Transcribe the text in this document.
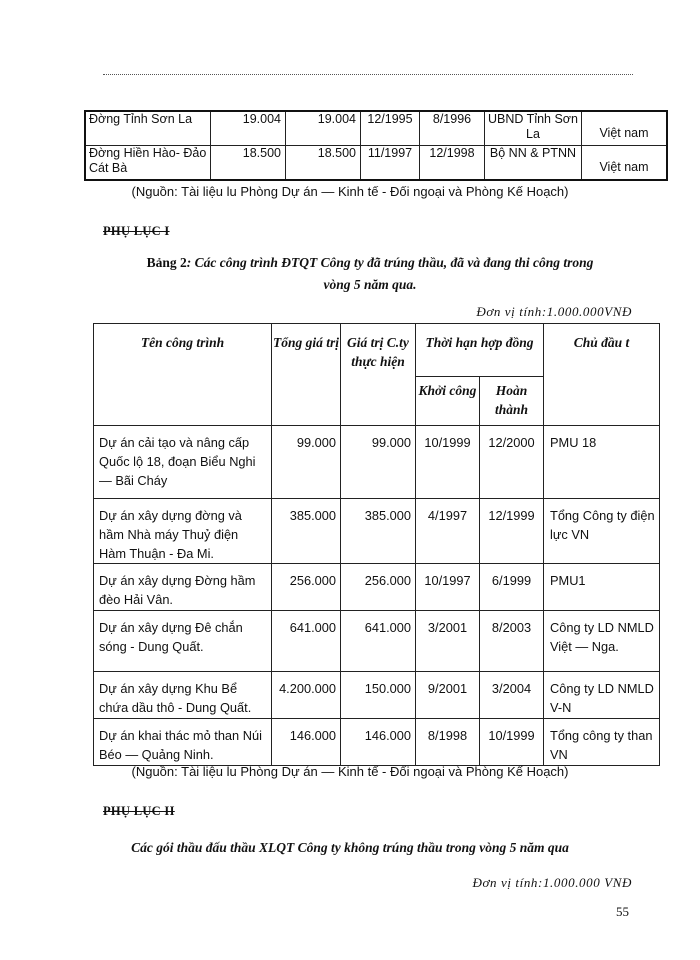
Đờng Tỉnh Sơn La	19.004	19.004	12/1995	8/1996	UBND Tỉnh Sơn La	Việt nam
Đờng Hiền Hào- Đảo Cát Bà	18.500	18.500	11/1997	12/1998	Bộ NN & PTNN	Việt nam
(Nguồn: Tài liệu lu Phòng Dự án — Kinh tế - Đối ngoại và Phòng Kế Hoạch)
PHỤ LỤC I
Bảng 2: Các công trình ĐTQT Công ty đã trúng thầu, đã và đang thi công trong
vòng 5 năm qua.
Đơn vị tính:1.000.000VNĐ
Tên công trình	Tổng giá trị	Giá trị C.ty thực hiện	Thời hạn hợp đồng		Chủ đầu t
			Khởi công	Hoàn thành	
Dự án cải tạo và nâng cấp Quốc lộ 18, đoạn Biểu Nghi — Bãi Cháy	99.000	99.000	10/1999	12/2000	PMU 18
Dự án xây dựng đờng và hầm Nhà máy Thuỷ điện Hàm Thuận - Đa Mi.	385.000	385.000	4/1997	12/1999	Tổng Công ty điện lực VN
Dự án xây dựng Đờng hầm đèo Hải Vân.	256.000	256.000	10/1997	6/1999	PMU1
Dự án xây dựng Đê chắn sóng - Dung Quất.	641.000	641.000	3/2001	8/2003	Công ty LD NMLD Việt — Nga.
Dự án xây dựng Khu Bể chứa dầu thô - Dung Quất.	4.200.000	150.000	9/2001	3/2004	Công ty LD NMLD V-N
Dự án khai thác mỏ than Núi Béo — Quảng Ninh.	146.000	146.000	8/1998	10/1999	Tổng công ty than VN
(Nguồn: Tài liệu lu Phòng Dự án — Kinh tế - Đối ngoại và Phòng Kế Hoạch)
PHỤ LỤC II
Các gói thầu đấu thầu XLQT Công ty không trúng thầu trong vòng 5 năm qua
Đơn vị tính:1.000.000 VNĐ
55
